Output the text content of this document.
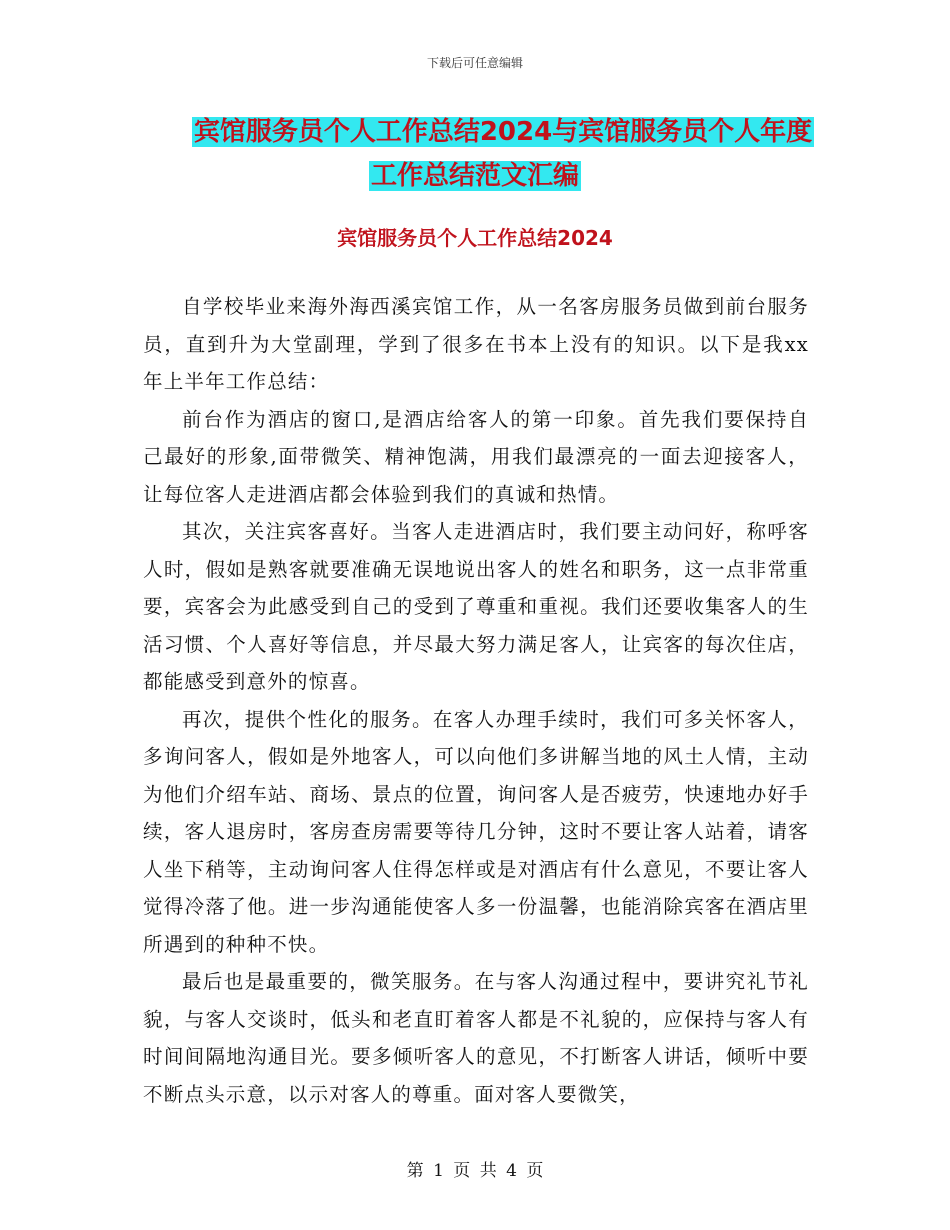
下载后可任意编辑
宾馆服务员个人工作总结2024与宾馆服务员个人年度
工作总结范文汇编
宾馆服务员个人工作总结2024

自学校毕业来海外海西溪宾馆工作，从一名客房服务员做到前台服务员，直到升为大堂副理，学到了很多在书本上没有的知识。以下是我xx年上半年工作总结：

前台作为酒店的窗口,是酒店给客人的第一印象。首先我们要保持自己最好的形象,面带微笑、精神饱满，用我们最漂亮的一面去迎接客人，让每位客人走进酒店都会体验到我们的真诚和热情。

其次，关注宾客喜好。当客人走进酒店时，我们要主动问好，称呼客人时，假如是熟客就要准确无误地说出客人的姓名和职务，这一点非常重要，宾客会为此感受到自己的受到了尊重和重视。我们还要收集客人的生活习惯、个人喜好等信息，并尽最大努力满足客人，让宾客的每次住店，都能感受到意外的惊喜。

再次，提供个性化的服务。在客人办理手续时，我们可多关怀客人，多询问客人，假如是外地客人，可以向他们多讲解当地的风土人情，主动为他们介绍车站、商场、景点的位置，询问客人是否疲劳，快速地办好手续，客人退房时，客房查房需要等待几分钟，这时不要让客人站着，请客人坐下稍等，主动询问客人住得怎样或是对酒店有什么意见，不要让客人觉得冷落了他。进一步沟通能使客人多一份温馨，也能消除宾客在酒店里所遇到的种种不快。

最后也是最重要的，微笑服务。在与客人沟通过程中，要讲究礼节礼貌，与客人交谈时，低头和老直盯着客人都是不礼貌的，应保持与客人有时间间隔地沟通目光。要多倾听客人的意见，不打断客人讲话，倾听中要不断点头示意，以示对客人的尊重。面对客人要微笑，

第 1 页 共 4 页
